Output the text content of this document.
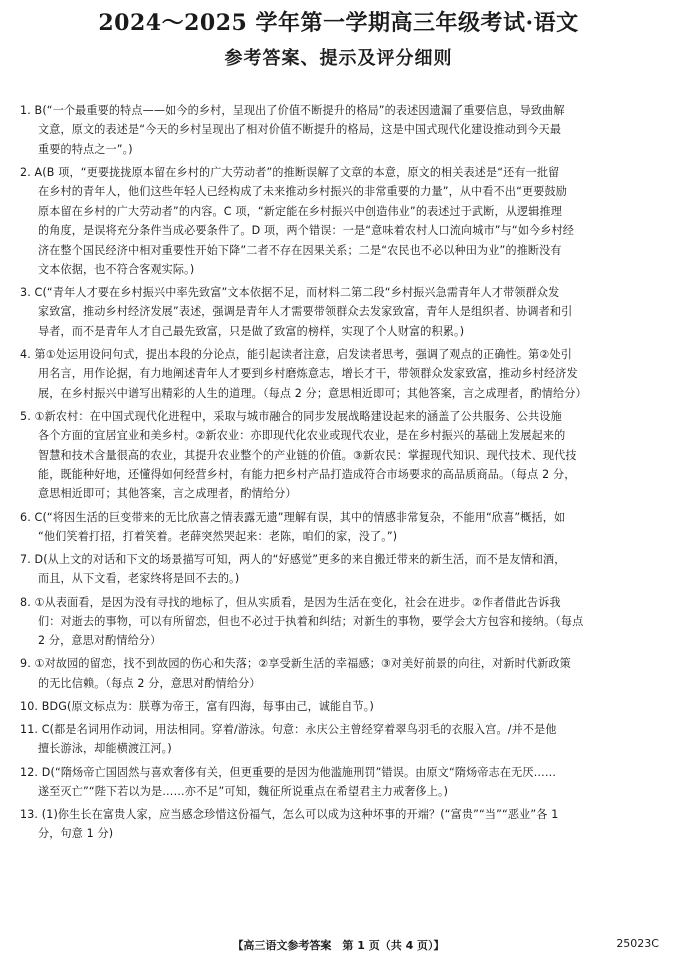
2024～2025 学年第一学期高三年级考试·语文
参考答案、提示及评分细则
1. B(“一个最重要的特点——如今的乡村，呈现出了价值不断提升的格局”的表述因遗漏了重要信息，导致曲解
文意，原文的表述是“今天的乡村呈现出了相对价值不断提升的格局，这是中国式现代化建设推动到今天最
重要的特点之一”。)
2. A(B 项，“更要拢拢原本留在乡村的广大劳动者”的推断误解了文章的本意，原文的相关表述是“还有一批留
在乡村的青年人，他们这些年轻人已经构成了未来推动乡村振兴的非常重要的力量”，从中看不出“更要鼓励
原本留在乡村的广大劳动者”的内容。C 项，“新定能在乡村振兴中创造伟业”的表述过于武断，从逻辑推理
的角度，是误将充分条件当成必要条件了。D 项，两个错误：一是“意味着农村人口流向城市”与“如今乡村经
济在整个国民经济中相对重要性开始下降”二者不存在因果关系；二是“农民也不必以种田为业”的推断没有
文本依据，也不符合客观实际。)
3. C(“青年人才要在乡村振兴中率先致富”文本依据不足，而材料二第二段“乡村振兴急需青年人才带领群众发
家致富，推动乡村经济发展”表述，强调是青年人才需要带领群众去发家致富，青年人是组织者、协调者和引
导者，而不是青年人才自己最先致富，只是做了致富的榜样，实现了个人财富的积累。)
4. 第①处运用设问句式，提出本段的分论点，能引起读者注意，启发读者思考，强调了观点的正确性。第②处引
用名言，用作论据，有力地阐述青年人才要到乡村磨炼意志，增长才干，带领群众发家致富，推动乡村经济发
展，在乡村振兴中谱写出精彩的人生的道理。（每点 2 分；意思相近即可；其他答案，言之成理者，酌情给分）
5. ①新农村：在中国式现代化进程中，采取与城市融合的同步发展战略建设起来的涵盖了公共服务、公共设施
各个方面的宜居宜业和美乡村。②新农业：亦即现代化农业或现代农业，是在乡村振兴的基础上发展起来的
智慧和技术含量很高的农业，其提升农业整个的产业链的价值。③新农民：掌握现代知识、现代技术、现代技
能，既能种好地，还懂得如何经营乡村，有能力把乡村产品打造成符合市场要求的高品质商品。（每点 2 分，
意思相近即可；其他答案，言之成理者，酌情给分）
6. C(“将因生活的巨变带来的无比欣喜之情表露无遗”理解有误，其中的情感非常复杂，不能用“欣喜”概括，如
“他们笑着打招，打着笑着。老薛突然哭起来：老陈，咱们的家，没了。”)
7. D(从上文的对话和下文的场景描写可知，两人的“好感觉”更多的来自搬迁带来的新生活，而不是友情和酒，
而且，从下文看，老家终将是回不去的。)
8. ①从表面看，是因为没有寻找的地标了，但从实质看，是因为生活在变化，社会在进步。②作者借此告诉我
们：对逝去的事物，可以有所留恋，但也不必过于执着和纠结；对新生的事物，要学会大方包容和接纳。（每点
2 分，意思对酌情给分）
9. ①对故园的留恋，找不到故园的伤心和失落；②享受新生活的幸福感；③对美好前景的向往，对新时代新政策
的无比信赖。（每点 2 分，意思对酌情给分）
10. BDG(原文标点为：朕尊为帝王，富有四海，每事由己，诚能自节。)
11. C(都是名词用作动词，用法相同。穿着/游泳。句意：永庆公主曾经穿着翠鸟羽毛的衣服入宫。/并不是他
擅长游泳，却能横渡江河。)
12. D(“隋炀帝亡国固然与喜欢奢侈有关，但更重要的是因为他滥施刑罚”错误。由原文“隋炀帝志在无厌……
遂至灭亡”“陛下若以为是……亦不足”可知，魏征所说重点在希望君主力戒奢侈上。)
13. (1)你生长在富贵人家，应当感念珍惜这份福气，怎么可以成为这种坏事的开端？(“富贵”“当”“恶业”各 1
分，句意 1 分)
【高三语文参考答案　第 1 页（共 4 页）】	25023C
